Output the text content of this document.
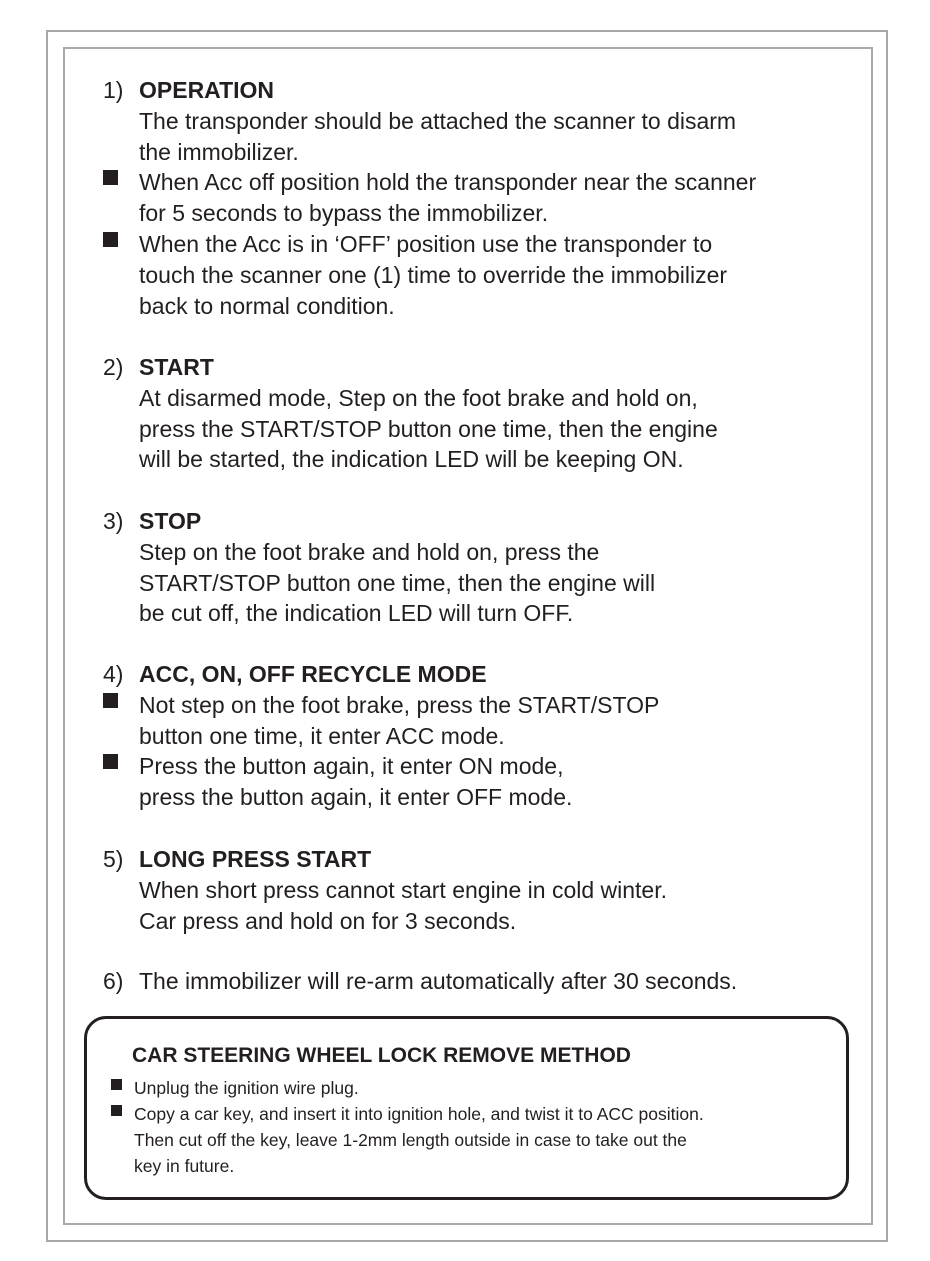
1) OPERATION
The transponder should be attached the scanner to disarm
the immobilizer.
When Acc off position hold the transponder near the scanner
for 5 seconds to bypass the immobilizer.
When the Acc is in ‘OFF’ position use the transponder to
touch the scanner one (1) time to override the immobilizer
back to normal condition.
2) START
At disarmed mode, Step on the foot brake and hold on,
press the START/STOP button one time, then the engine
will be started, the indication LED will be keeping ON.
3) STOP
Step on the foot brake and hold on, press the
START/STOP button one time, then the engine will
be cut off, the indication LED will turn OFF.
4) ACC, ON, OFF RECYCLE MODE
Not step on the foot brake, press the START/STOP
button one time, it enter ACC mode.
Press the button again, it enter ON mode,
press the button again, it enter OFF mode.
5) LONG PRESS START
When short press cannot start engine in cold winter.
Car press and hold on for 3 seconds.
6) The immobilizer will re-arm automatically after 30 seconds.
CAR STEERING WHEEL LOCK REMOVE METHOD
Unplug the ignition wire plug.
Copy a car key, and insert it into ignition hole, and twist it to ACC position.
Then cut off the key, leave 1-2mm length outside in case to take out the
key in future.
